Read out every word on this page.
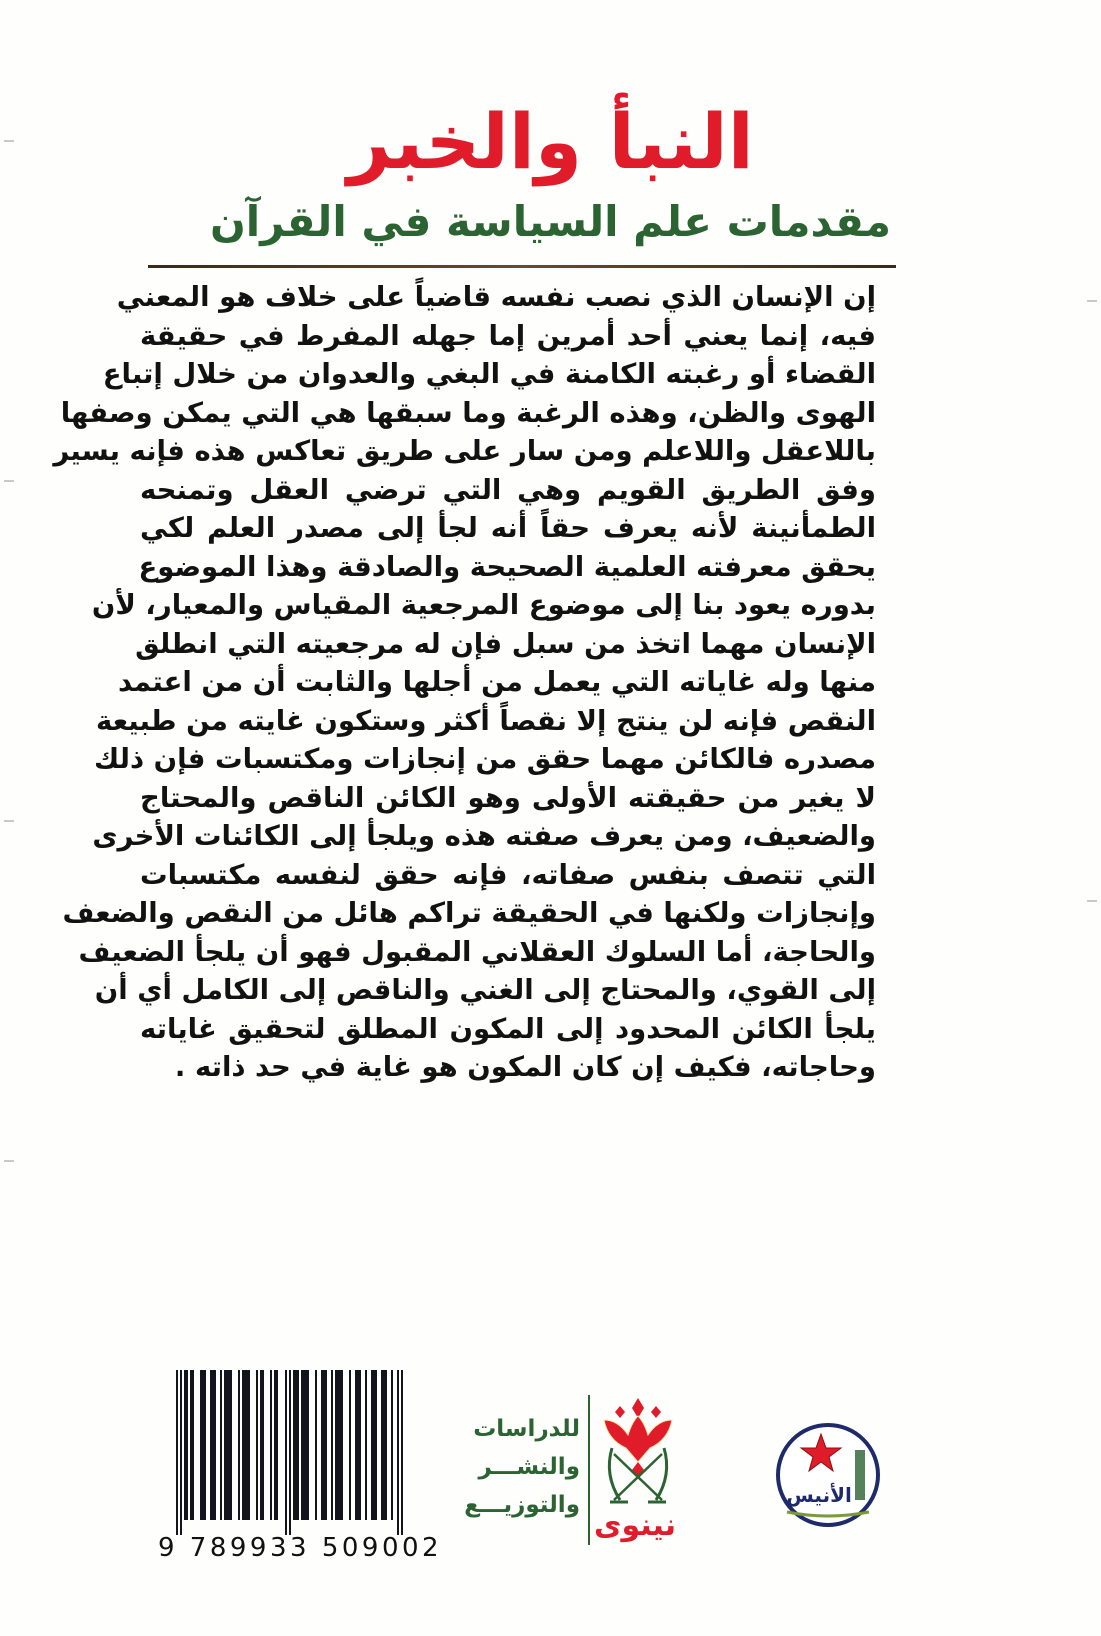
النبأ والخبر
مقدمات علم السياسة في القرآن
إن الإنسان الذي نصب نفسه قاضياً على خلاف هو المعني
فيه، إنما يعني أحد أمرين إما جهله المفرط في حقيقة
القضاء أو رغبته الكامنة في البغي والعدوان من خلال إتباع
الهوى والظن، وهذه الرغبة وما سبقها هي التي يمكن وصفها
باللاعقل واللاعلم ومن سار على طريق تعاكس هذه فإنه يسير
وفق الطريق القويم وهي التي ترضي العقل وتمنحه
الطمأنينة لأنه يعرف حقاً أنه لجأ إلى مصدر العلم لكي
يحقق معرفته العلمية الصحيحة والصادقة وهذا الموضوع
بدوره يعود بنا إلى موضوع المرجعية المقياس والمعيار، لأن
الإنسان مهما اتخذ من سبل فإن له مرجعيته التي انطلق
منها وله غاياته التي يعمل من أجلها والثابت أن من اعتمد
النقص فإنه لن ينتج إلا نقصاً أكثر وستكون غايته من طبيعة
مصدره فالكائن مهما حقق من إنجازات ومكتسبات فإن ذلك
لا يغير من حقيقته الأولى وهو الكائن الناقص والمحتاج
والضعيف، ومن يعرف صفته هذه ويلجأ إلى الكائنات الأخرى
التي تتصف بنفس صفاته، فإنه حقق لنفسه مكتسبات
وإنجازات ولكنها في الحقيقة تراكم هائل من النقص والضعف
والحاجة، أما السلوك العقلاني المقبول فهو أن يلجأ الضعيف
إلى القوي، والمحتاج إلى الغني والناقص إلى الكامل أي أن
يلجأ الكائن المحدود إلى المكون المطلق لتحقيق غاياته
وحاجاته، فكيف إن كان المكون هو غاية في حد ذاته .
9 789933 509002
للدراسات
والنشـــر
والتوزيـــع
نينوى
الأنيس
